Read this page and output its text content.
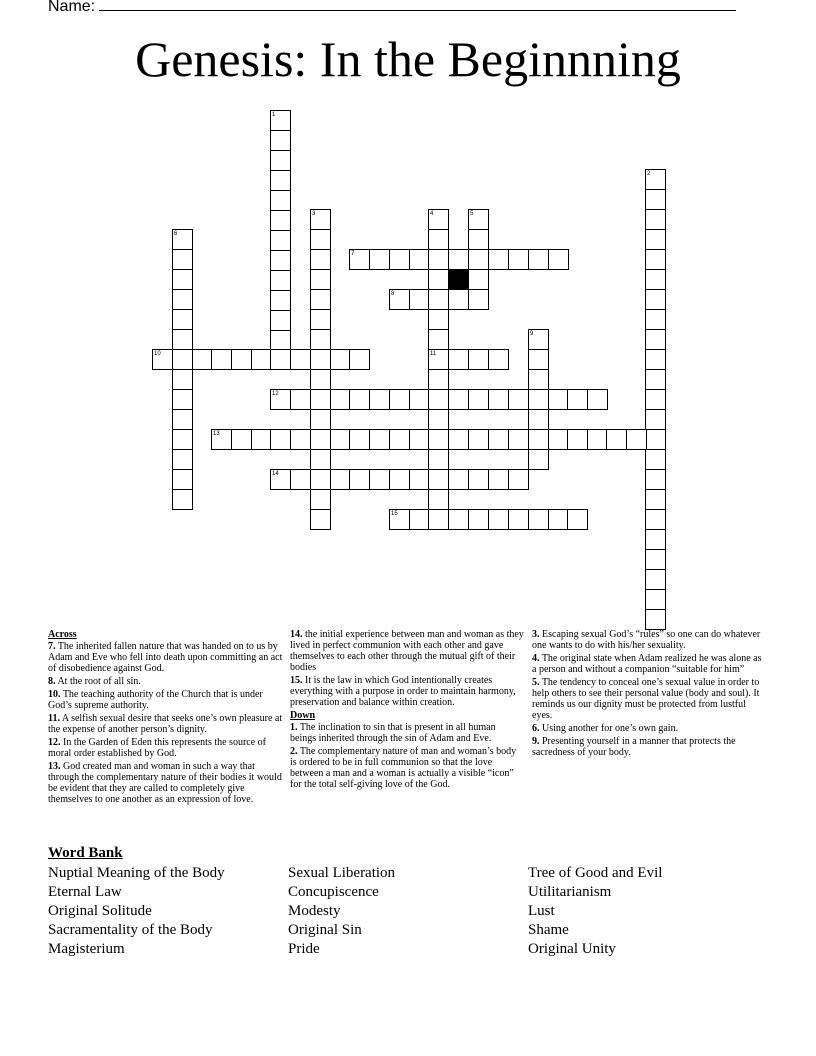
Name:
Genesis: In the Beginnning
1
2
3	4	5
6
7
8
9
10	11
12
13
14
15
Across
7. The inherited fallen nature that was handed on to us by Adam and Eve who fell into death upon committing an act of disobedience against God.
8. At the root of all sin.
10. The teaching authority of the Church that is under God’s supreme authority.
11. A selfish sexual desire that seeks one’s own pleasure at the expense of another person’s dignity.
12. In the Garden of Eden this represents the source of moral order established by God.
13. God created man and woman in such a way that through the complementary nature of their bodies it would be evident that they are called to completely give themselves to one another as an expression of love.
14. the initial experience between man and woman as they lived in perfect communion with each other and gave themselves to each other through the mutual gift of their bodies
15. It is the law in which God intentionally creates everything with a purpose in order to maintain harmony, preservation and balance within creation.
Down
1. The inclination to sin that is present in all human beings inherited through the sin of Adam and Eve.
2. The complementary nature of man and woman’s body is ordered to be in full communion so that the love between a man and a woman is actually a visible “icon” for the total self-giving love of the God.
3. Escaping sexual God’s “rules” so one can do whatever one wants to do with his/her sexuality.
4. The original state when Adam realized he was alone as a person and without a companion “suitable for him”
5. The tendency to conceal one’s sexual value in order to help others to see their personal value (body and soul). It reminds us our dignity must be protected from lustful eyes.
6. Using another for one’s own gain.
9. Presenting yourself in a manner that protects the sacredness of your body.
Word Bank
Nuptial Meaning of the Body
Eternal Law
Original Solitude
Sacramentality of the Body
Magisterium
Sexual Liberation
Concupiscence
Modesty
Original Sin
Pride
Tree of Good and Evil
Utilitarianism
Lust
Shame
Original Unity
